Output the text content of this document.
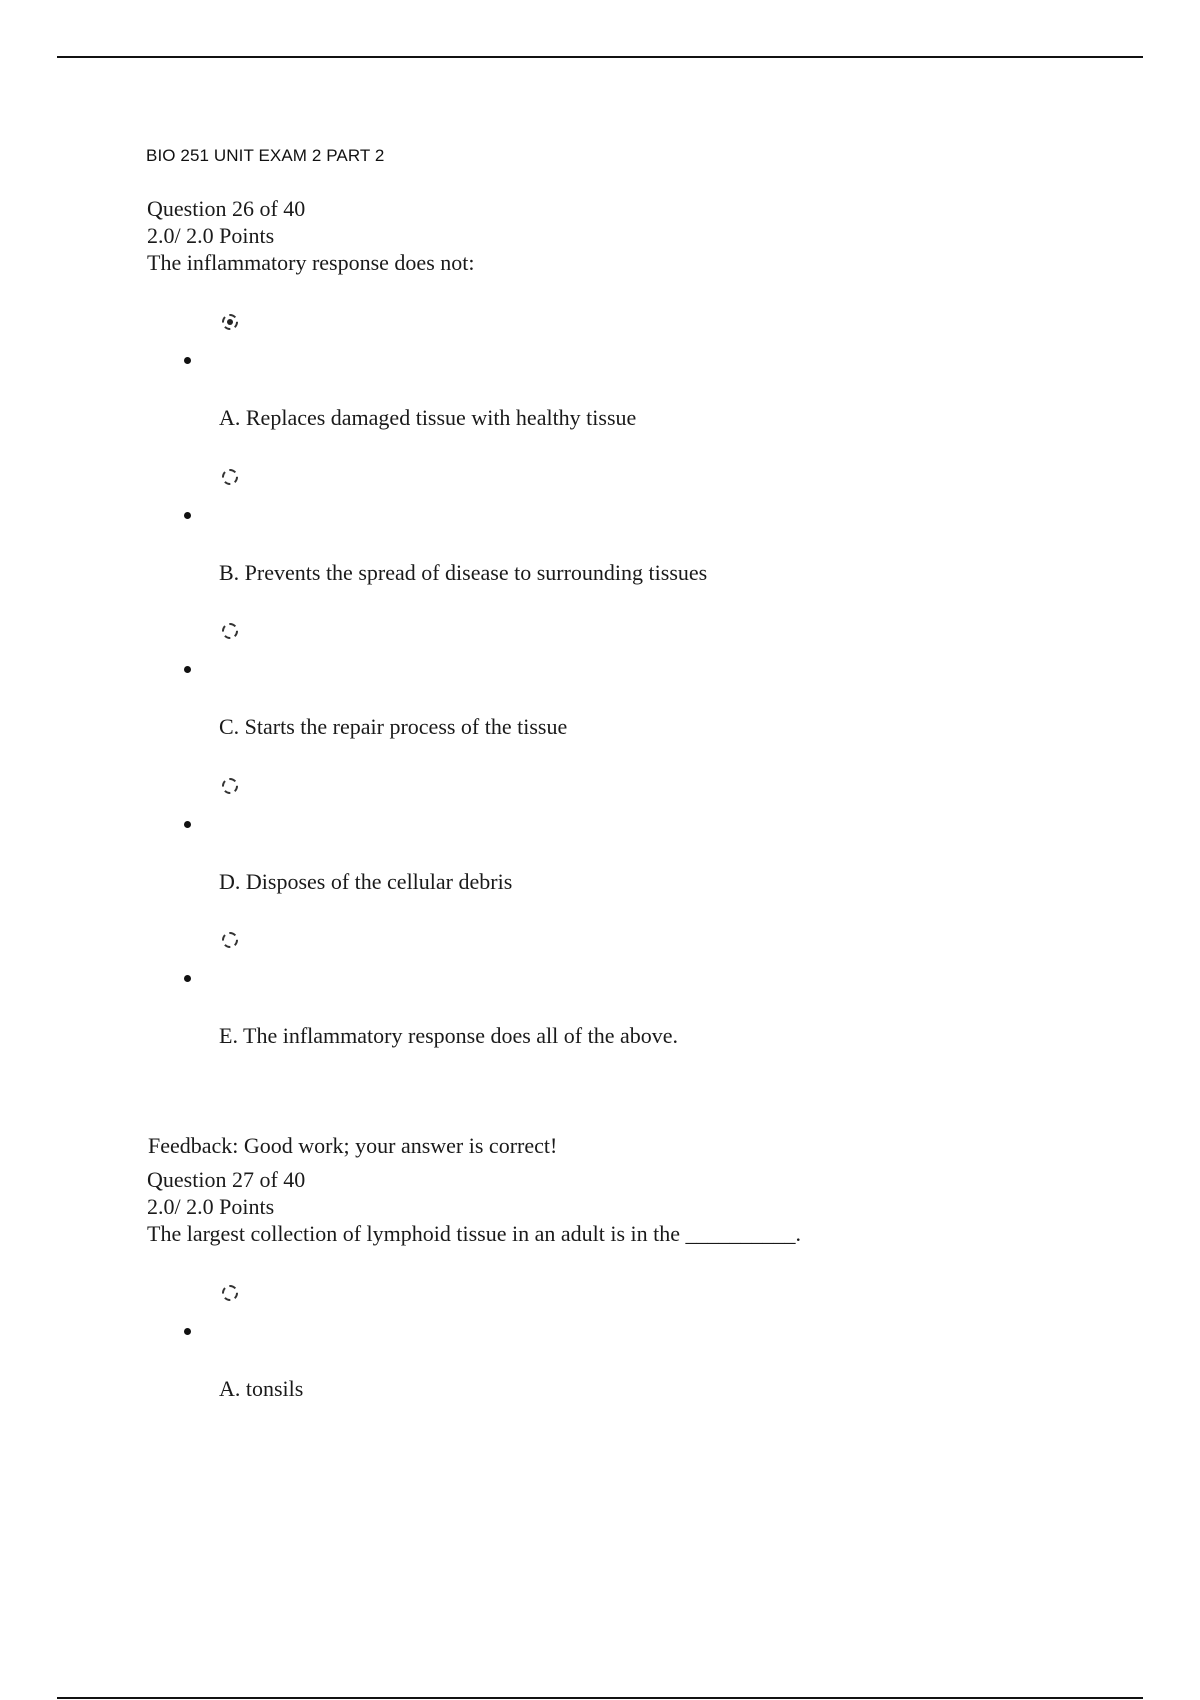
BIO 251 UNIT EXAM 2 PART 2
Question 26 of 40
2.0/ 2.0 Points
The inflammatory response does not:
A. Replaces damaged tissue with healthy tissue
B. Prevents the spread of disease to surrounding tissues
C. Starts the repair process of the tissue
D. Disposes of the cellular debris
E. The inflammatory response does all of the above.
Feedback: Good work; your answer is correct!
Question 27 of 40
2.0/ 2.0 Points
The largest collection of lymphoid tissue in an adult is in the __________.
A. tonsils
